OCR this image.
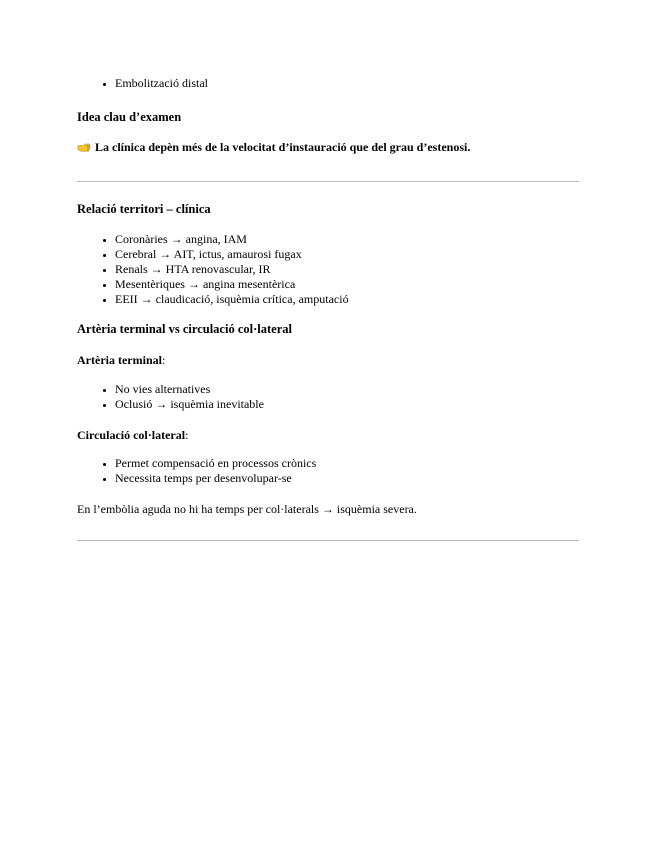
• Embolització distal
Idea clau d’examen
La clínica depèn més de la velocitat d’instauració que del grau d’estenosi.
Relació territori – clínica
• Coronàries → angina, IAM
• Cerebral → AIT, ictus, amaurosi fugax
• Renals → HTA renovascular, IR
• Mesentèriques → angina mesentèrica
• EEII → claudicació, isquèmia crítica, amputació
Artèria terminal vs circulació col·lateral
Artèria terminal:
• No vies alternatives
• Oclusió → isquèmia inevitable
Circulació col·lateral:
• Permet compensació en processos crònics
• Necessita temps per desenvolupar-se
En l’embòlia aguda no hi ha temps per col·laterals → isquèmia severa.
